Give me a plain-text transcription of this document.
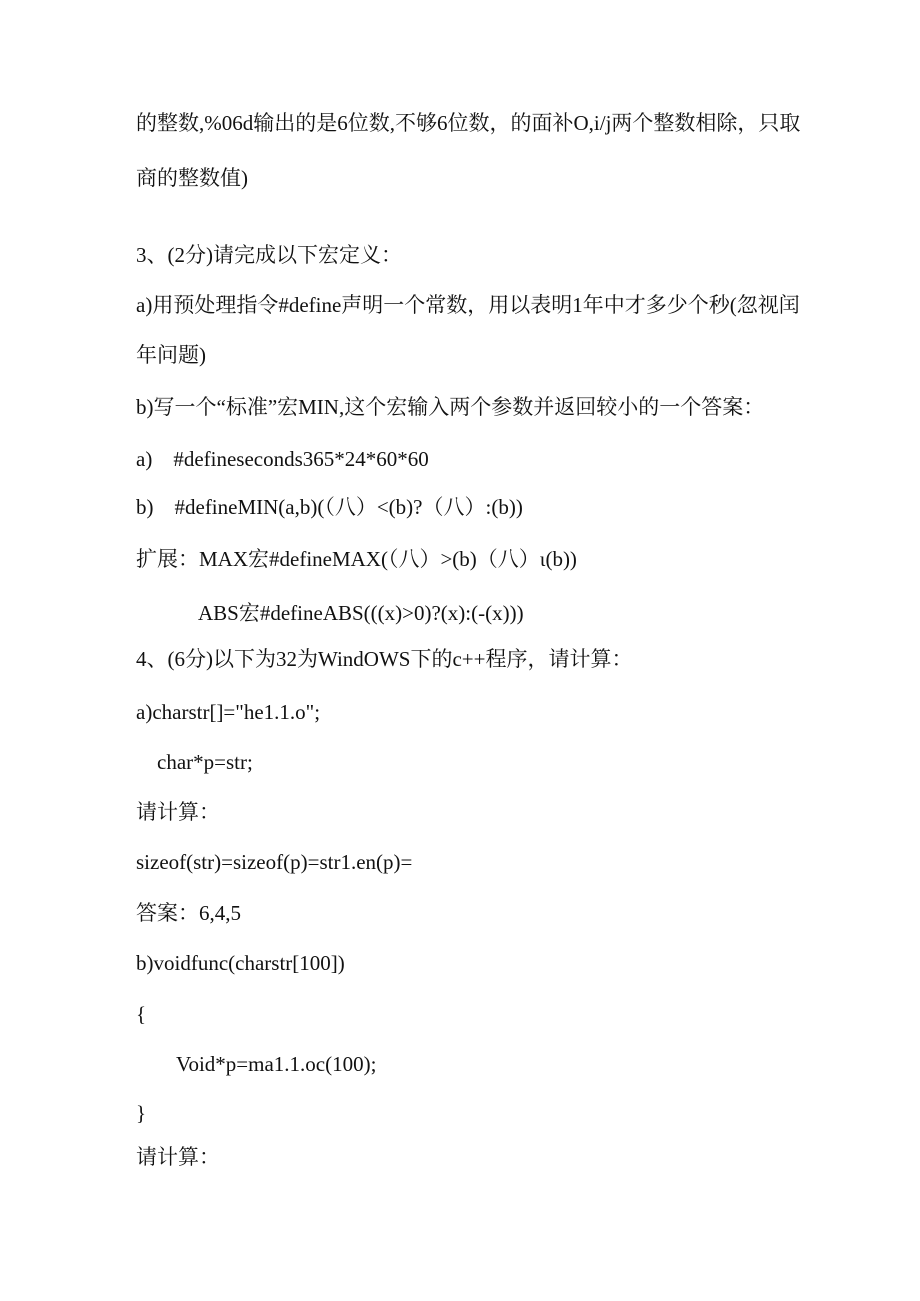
的整数,%06d输出的是6位数,不够6位数，的面补O,i/j两个整数相除，只取
商的整数值)
3、(2分)请完成以下宏定义：
a)用预处理指令#define声明一个常数，用以表明1年中才多少个秒(忽视闰
年问题)
b)写一个“标准”宏MIN,这个宏输入两个参数并返回较小的一个答案：
a)    #defineseconds365*24*60*60
b)    #defineMIN(a,b)(（八）<(b)?（八）:(b))
扩展：MAX宏#defineMAX(（八）>(b)（八）ι(b))
ABS宏#defineABS(((x)>0)?(x):(-(x)))
4、(6分)以下为32为WindOWS下的c++程序，请计算：
a)charstr[]="he1.1.o";
char*p=str;
请计算：
sizeof(str)=sizeof(p)=str1.en(p)=
答案：6,4,5
b)voidfunc(charstr[100])
{
Void*p=ma1.1.oc(100);
}
请计算：
